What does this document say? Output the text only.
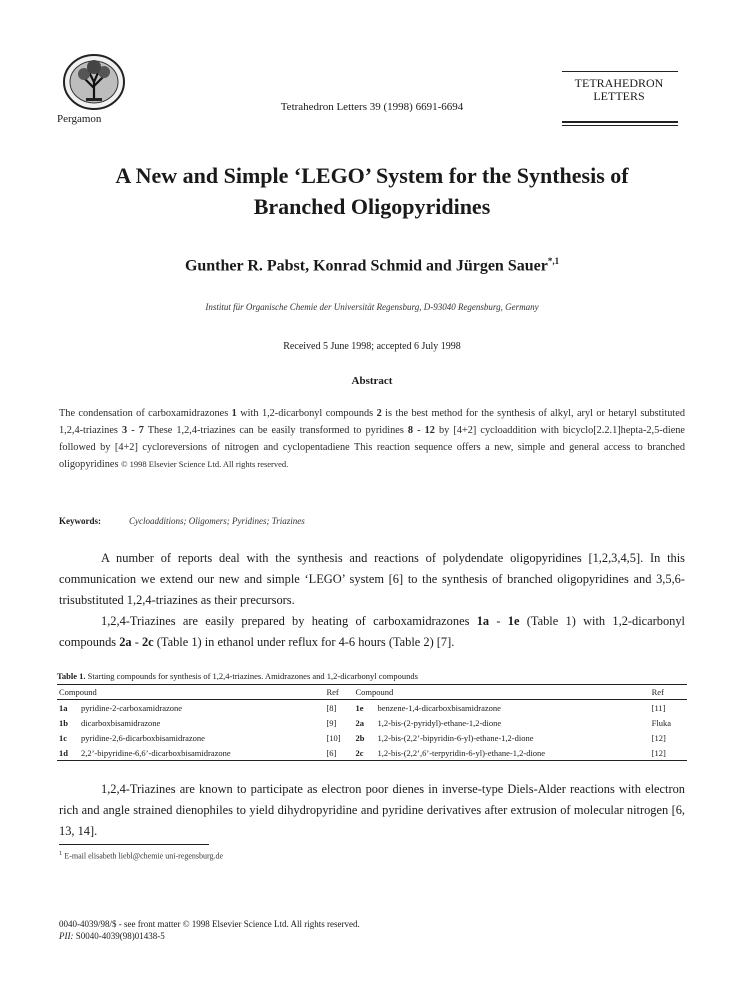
Pergamon
Tetrahedron Letters 39 (1998) 6691-6694
TETRAHEDRON
LETTERS
A New and Simple ‘LEGO’ System for the Synthesis of
Branched Oligopyridines
Gunther R. Pabst, Konrad Schmid and Jürgen Sauer$^{*,1}$
Institut für Organische Chemie der Universität Regensburg, D-93040 Regensburg, Germany
Received 5 June 1998; accepted 6 July 1998
Abstract
The condensation of carboxamidrazones 1 with 1,2-dicarbonyl compounds 2 is the best method for the synthesis of alkyl, aryl or hetaryl substituted 1,2,4-triazines 3 - 7 These 1,2,4-triazines can be easily transformed to pyridines 8 - 12 by [4+2] cycloaddition with bicyclo[2.2.1]hepta-2,5-diene followed by [4+2] cycloreversions of nitrogen and cyclopentadiene This reaction sequence offers a new, simple and general access to branched oligopyridines © 1998 Elsevier Science Ltd. All rights reserved.
Keywords:	Cycloadditions; Oligomers; Pyridines; Triazines
A number of reports deal with the synthesis and reactions of polydendate oligopyridines [1,2,3,4,5]. In this communication we extend our new and simple ‘LEGO’ system [6] to the synthesis of branched oligopyridines and 3,5,6-trisubstituted 1,2,4-triazines as their precursors.
1,2,4-Triazines are easily prepared by heating of carboxamidrazones 1a - 1e (Table 1) with 1,2-dicarbonyl compounds 2a - 2c (Table 1) in ethanol under reflux for 4-6 hours (Table 2) [7].
Table 1. Starting compounds for synthesis of 1,2,4-triazines. Amidrazones and 1,2-dicarbonyl compounds
Compound		Ref	Compound		Ref
1a	pyridine-2-carboxamidrazone	[8]	1e	benzene-1,4-dicarboxbisamidrazone	[11]
1b	dicarboxbisamidrazone	[9]	2a	1,2-bis-(2-pyridyl)-ethane-1,2-dione	Fluka
1c	pyridine-2,6-dicarboxbisamidrazone	[10]	2b	1,2-bis-(2,2’-bipyridin-6-yl)-ethane-1,2-dione	[12]
1d	2,2’-bipyridine-6,6’-dicarboxbisamidrazone	[6]	2c	1,2-bis-(2,2’,6’-terpyridin-6-yl)-ethane-1,2-dione	[12]
1,2,4-Triazines are known to participate as electron poor dienes in inverse-type Diels-Alder reactions with electron rich and angle strained dienophiles to yield dihydropyridine and pyridine derivatives after extrusion of molecular nitrogen [6, 13, 14].
$^1$ E-mail elisabeth liebl@chemie uni-regensburg.de
0040-4039/98/$ - see front matter © 1998 Elsevier Science Ltd. All rights reserved.
PII: S0040-4039(98)01438-5
